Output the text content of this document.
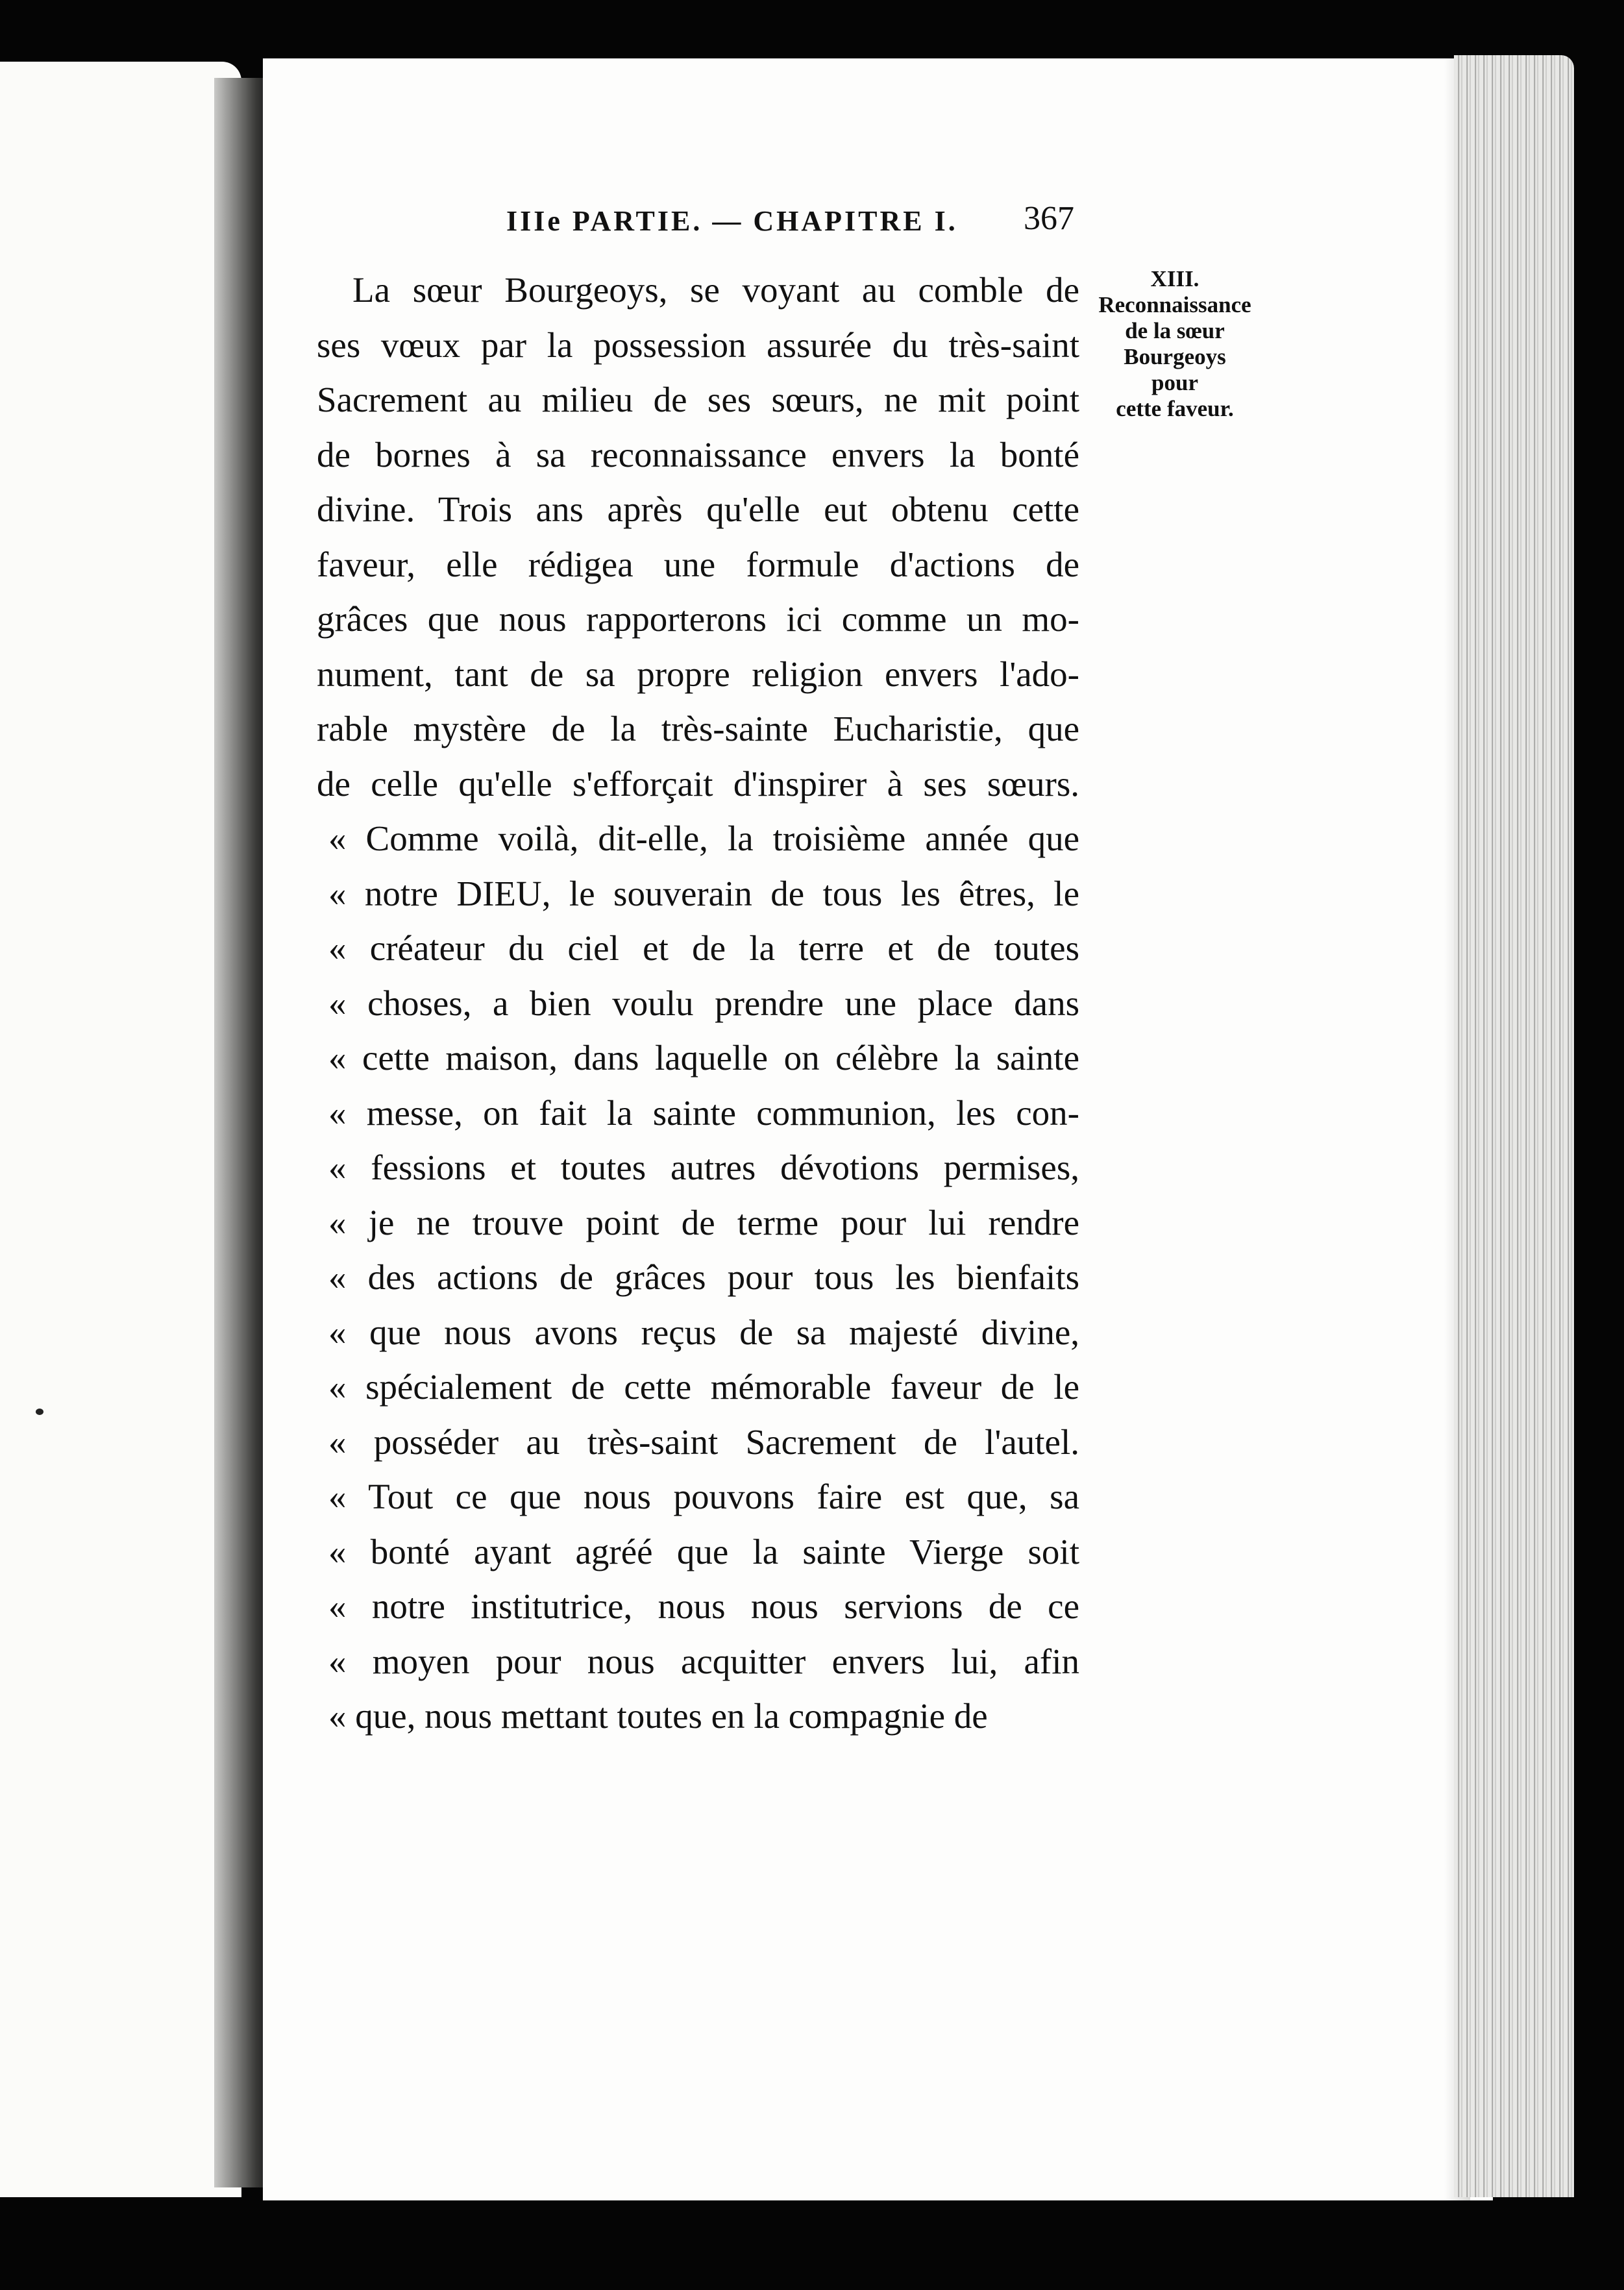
IIIe PARTIE. — CHAPITRE I. 367
XIII.
Reconnaissance
de la sœur
Bourgeoys
pour
cette faveur.
La sœur Bourgeoys, se voyant au comble de
ses vœux par la possession assurée du très-saint
Sacrement au milieu de ses sœurs, ne mit point
de bornes à sa reconnaissance envers la bonté
divine. Trois ans après qu'elle eut obtenu cette
faveur, elle rédigea une formule d'actions de
grâces que nous rapporterons ici comme un mo-
nument, tant de sa propre religion envers l'ado-
rable mystère de la très-sainte Eucharistie, que
de celle qu'elle s'efforçait d'inspirer à ses sœurs.
« Comme voilà, dit-elle, la troisième année que
« notre DIEU, le souverain de tous les êtres, le
« créateur du ciel et de la terre et de toutes
« choses, a bien voulu prendre une place dans
« cette maison, dans laquelle on célèbre la sainte
« messe, on fait la sainte communion, les con-
« fessions et toutes autres dévotions permises,
« je ne trouve point de terme pour lui rendre
« des actions de grâces pour tous les bienfaits
« que nous avons reçus de sa majesté divine,
« spécialement de cette mémorable faveur de le
« posséder au très-saint Sacrement de l'autel.
« Tout ce que nous pouvons faire est que, sa
« bonté ayant agréé que la sainte Vierge soit
« notre institutrice, nous nous servions de ce
« moyen pour nous acquitter envers lui, afin
« que, nous mettant toutes en la compagnie de
